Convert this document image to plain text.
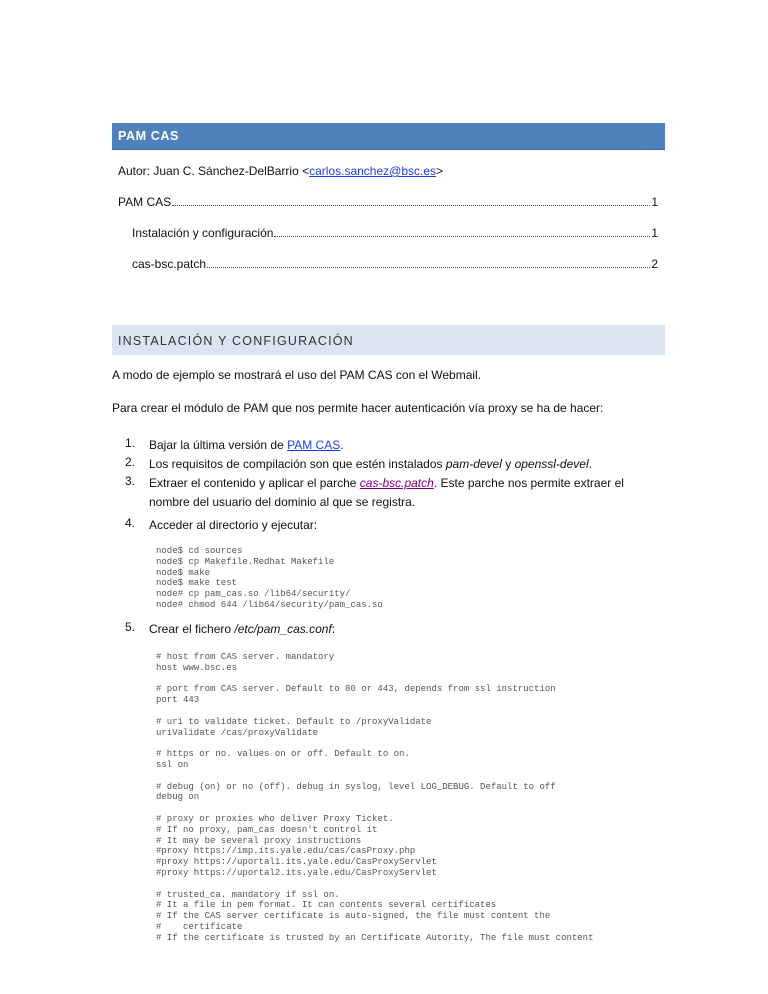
PAM CAS
Autor: Juan C. Sánchez-DelBarrio <carlos.sanchez@bsc.es>
PAM CAS	1
Instalación y configuración	1
cas-bsc.patch	2
INSTALACIÓN Y CONFIGURACIÓN
A modo de ejemplo se mostrará el uso del PAM CAS con el Webmail.
Para crear el módulo de PAM que nos permite hacer autenticación vía proxy se ha de hacer:
1. Bajar la última versión de PAM CAS.
2. Los requisitos de compilación son que estén instalados pam-devel y openssl-devel.
3. Extraer el contenido y aplicar el parche cas-bsc.patch. Este parche nos permite extraer el nombre del usuario del dominio al que se registra.
4. Acceder al directorio y ejecutar:
node$ cd sources
node$ cp Makefile.Redhat Makefile
node$ make
node$ make test
node# cp pam_cas.so /lib64/security/
node# chmod 644 /lib64/security/pam_cas.so
5. Crear el fichero /etc/pam_cas.conf:
# host from CAS server. mandatory
host www.bsc.es

# port from CAS server. Default to 80 or 443, depends from ssl instruction
port 443

# uri to validate ticket. Default to /proxyValidate
uriValidate /cas/proxyValidate

# https or no. values on or off. Default to on.
ssl on

# debug (on) or no (off). debug in syslog, level LOG_DEBUG. Default to off
debug on

# proxy or proxies who deliver Proxy Ticket.
# If no proxy, pam_cas doesn't control it
# It may be several proxy instructions
#proxy https://imp.its.yale.edu/cas/casProxy.php
#proxy https://uportal1.its.yale.edu/CasProxyServlet
#proxy https://uportal2.its.yale.edu/CasProxyServlet

# trusted_ca. mandatory if ssl on.
# It a file in pem format. It can contents several certificates
# If the CAS server certificate is auto-signed, the file must content the
#    certificate
# If the certificate is trusted by an Certificate Autority, The file must content
